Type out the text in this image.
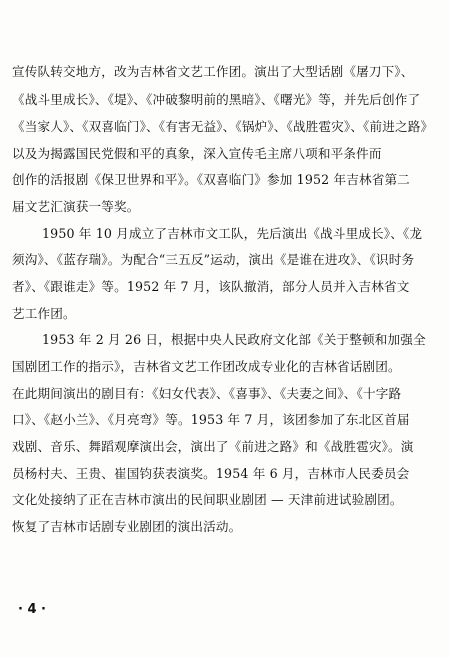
宣传队转交地方，改为吉林省文艺工作团。演出了大型话剧《屠刀下》、
《战斗里成长》、《堤》、《冲破黎明前的黑暗》、《曙光》等，并先后创作了
《当家人》、《双喜临门》、《有害无益》、《锅炉》、《战胜雹灾》、《前进之路》
以及为揭露国民党假和平的真象，深入宣传毛主席八项和平条件而
创作的活报剧《保卫世界和平》。《双喜临门》参加 1952 年吉林省第二
届文艺汇演获一等奖。
1950 年 10 月成立了吉林市文工队，先后演出《战斗里成长》、《龙
须沟》、《蓝存瑞》。为配合“三五反”运动，演出《是谁在进攻》、《识时务
者》、《跟谁走》等。1952 年 7 月，该队撤消，部分人员并入吉林省文
艺工作团。
1953 年 2 月 26 日，根据中央人民政府文化部《关于整顿和加强全
国剧团工作的指示》，吉林省文艺工作团改成专业化的吉林省话剧团。
在此期间演出的剧目有：《妇女代表》、《喜事》、《夫妻之间》、《十字路
口》、《赵小兰》、《月亮弯》等。1953 年 7 月，该团参加了东北区首届
戏剧、音乐、舞蹈观摩演出会，演出了《前进之路》和《战胜雹灾》。演
员杨村夫、王贵、崔国钧获表演奖。1954 年 6 月，吉林市人民委员会
文化处接纳了正在吉林市演出的民间职业剧团 — 天津前进试验剧团。
恢复了吉林市话剧专业剧团的演出活动。
· 4 ·
